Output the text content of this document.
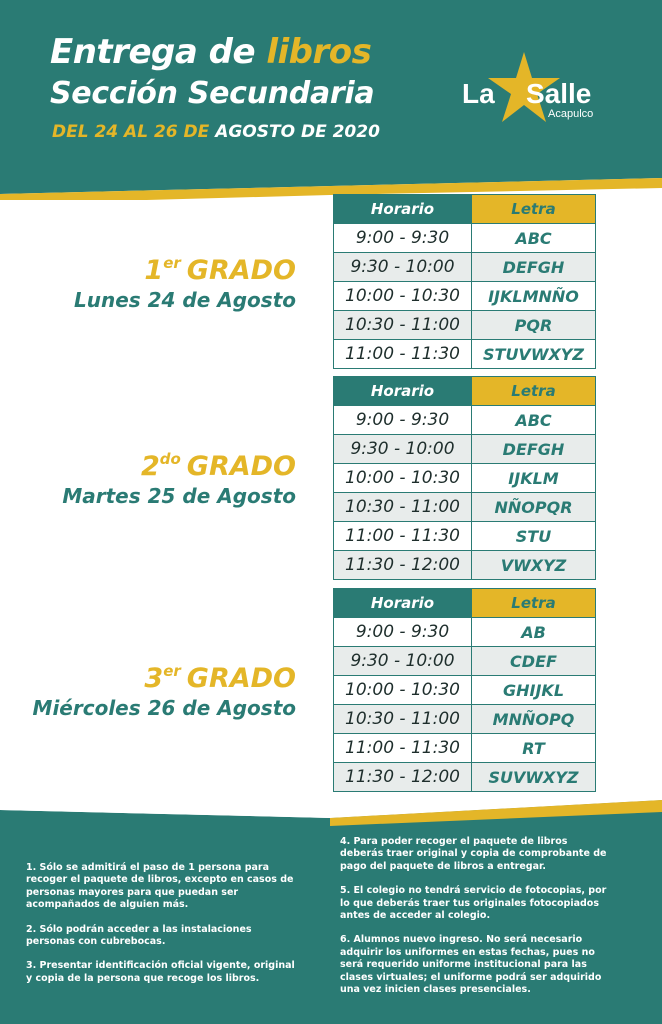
Entrega de libros
Sección Secundaria
DEL 24 AL 26 DE AGOSTO DE 2020
La Salle
Acapulco
1er GRADO
Lunes 24 de Agosto
Horario	Letra
9:00 - 9:30	ABC
9:30 - 10:00	DEFGH
10:00 - 10:30	IJKLMNÑO
10:30 - 11:00	PQR
11:00 - 11:30	STUVWXYZ
$2^{do}$ GRADO
Martes 25 de Agosto
Horario	Letra
9:00 - 9:30	ABC
9:30 - 10:00	DEFGH
10:00 - 10:30	IJKLM
10:30 - 11:00	NÑOPQR
11:00 - 11:30	STU
11:30 - 12:00	VWXYZ
3er GRADO
Miércoles 26 de Agosto
Horario	Letra
9:00 - 9:30	AB
9:30 - 10:00	CDEF
10:00 - 10:30	GHIJKL
10:30 - 11:00	MNÑOPQ
11:00 - 11:30	RT
11:30 - 12:00	SUVWXYZ

1. Sólo se admitirá el paso de 1 persona para recoger el paquete de libros, excepto en casos de personas mayores para que puedan ser acompañados de alguien más.

2. Sólo podrán acceder a las instalaciones personas con cubrebocas.

3. Presentar identificación oficial vigente, original y copia de la persona que recoge los libros.

4. Para poder recoger el paquete de libros deberás traer original y copia de comprobante de pago del paquete de libros a entregar.

5. El colegio no tendrá servicio de fotocopias, por lo que deberás traer tus originales fotocopiados antes de acceder al colegio.

6. Alumnos nuevo ingreso. No será necesario adquirir los uniformes en estas fechas, pues no será requerido uniforme institucional para las clases virtuales; el uniforme podrá ser adquirido una vez inicien clases presenciales.
